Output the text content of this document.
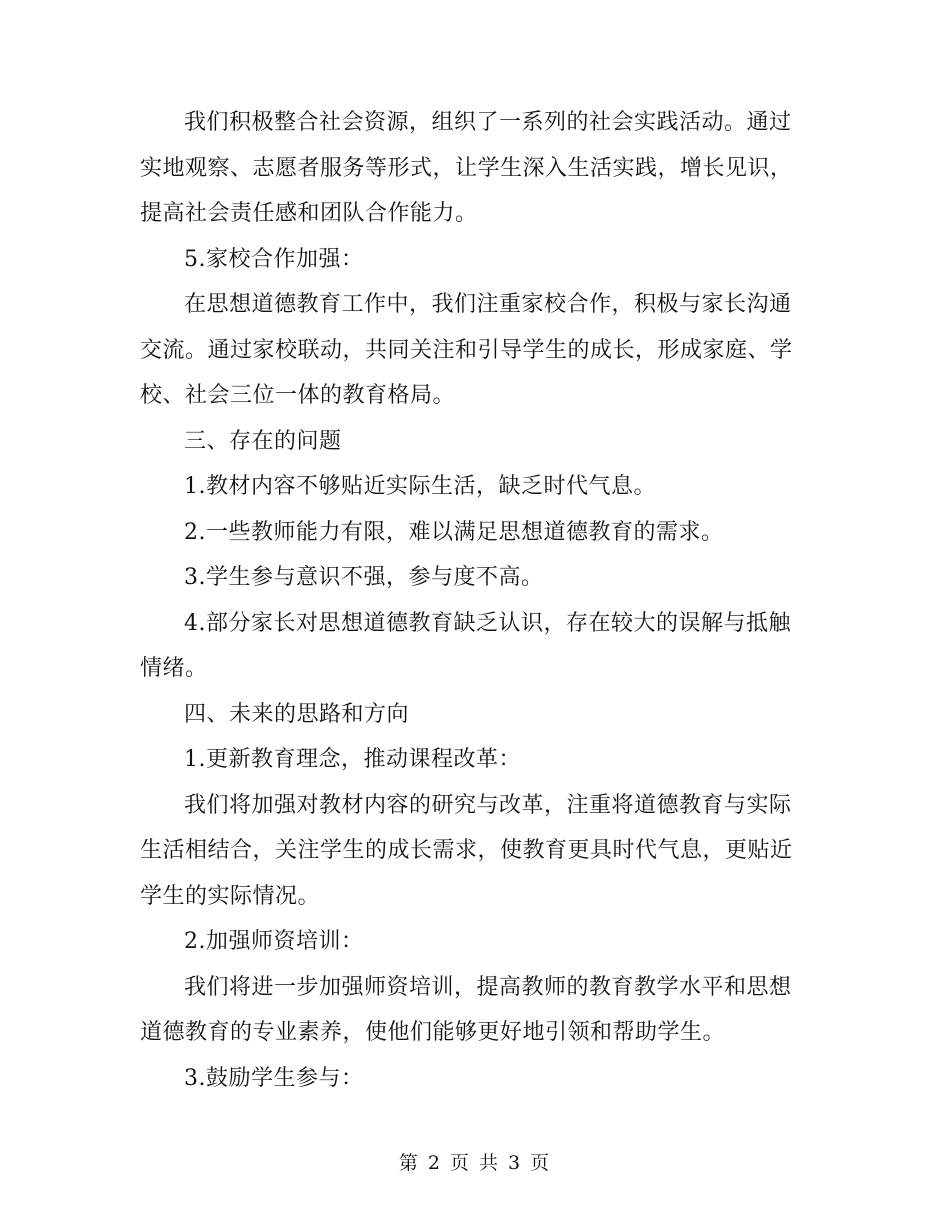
我们积极整合社会资源，组织了一系列的社会实践活动。通过实地观察、志愿者服务等形式，让学生深入生活实践，增长见识，提高社会责任感和团队合作能力。

5.家校合作加强：

在思想道德教育工作中，我们注重家校合作，积极与家长沟通交流。通过家校联动，共同关注和引导学生的成长，形成家庭、学校、社会三位一体的教育格局。

三、存在的问题

1.教材内容不够贴近实际生活，缺乏时代气息。

2.一些教师能力有限，难以满足思想道德教育的需求。

3.学生参与意识不强，参与度不高。

4.部分家长对思想道德教育缺乏认识，存在较大的误解与抵触情绪。

四、未来的思路和方向

1.更新教育理念，推动课程改革：

我们将加强对教材内容的研究与改革，注重将道德教育与实际生活相结合，关注学生的成长需求，使教育更具时代气息，更贴近学生的实际情况。

2.加强师资培训：

我们将进一步加强师资培训，提高教师的教育教学水平和思想道德教育的专业素养，使他们能够更好地引领和帮助学生。

3.鼓励学生参与：

第 2 页 共 3 页
